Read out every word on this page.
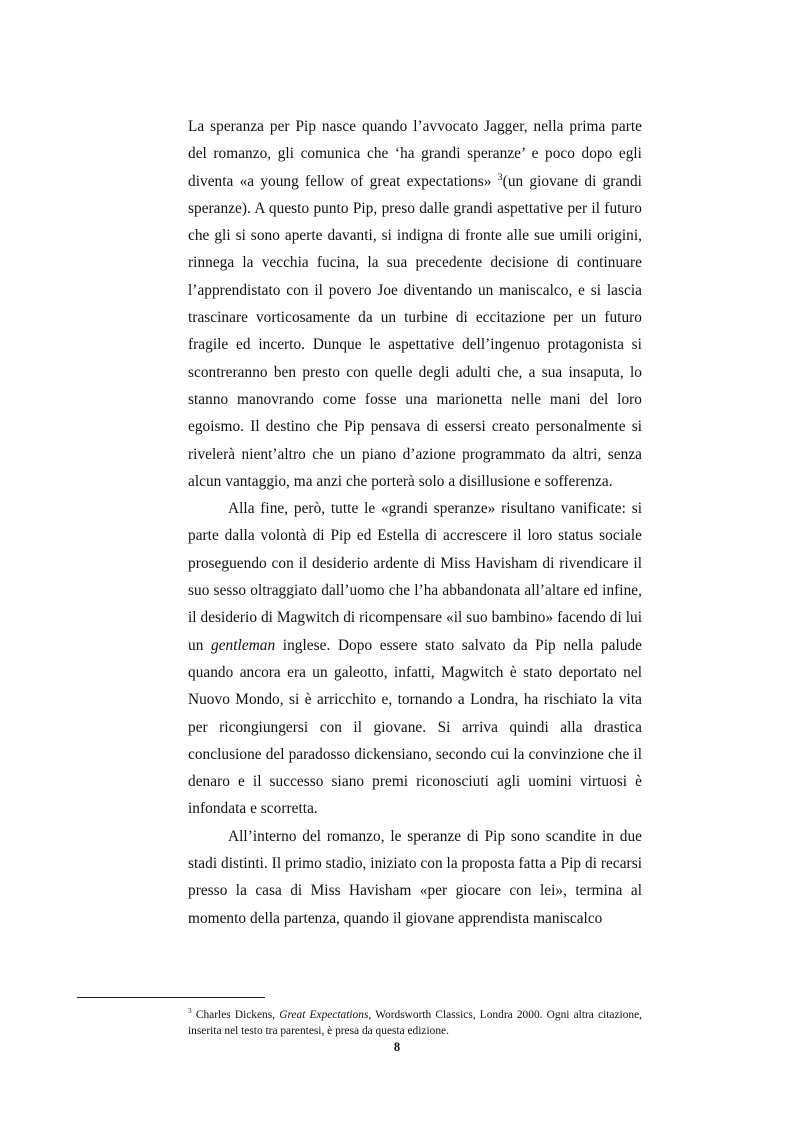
La speranza per Pip nasce quando l’avvocato Jagger, nella prima parte del romanzo, gli comunica che ‘ha grandi speranze’ e poco dopo egli diventa «a young fellow of great expectations» $^3$(un giovane di grandi speranze). A questo punto Pip, preso dalle grandi aspettative per il futuro che gli si sono aperte davanti, si indigna di fronte alle sue umili origini, rinnega la vecchia fucina, la sua precedente decisione di continuare l’apprendistato con il povero Joe diventando un maniscalco, e si lascia trascinare vorticosamente da un turbine di eccitazione per un futuro fragile ed incerto. Dunque le aspettative dell’ingenuo protagonista si scontreranno ben presto con quelle degli adulti che, a sua insaputa, lo stanno manovrando come fosse una marionetta nelle mani del loro egoismo. Il destino che Pip pensava di essersi creato personalmente si rivelerà nient’altro che un piano d’azione programmato da altri, senza alcun vantaggio, ma anzi che porterà solo a disillusione e sofferenza.

Alla fine, però, tutte le «grandi speranze» risultano vanificate: si parte dalla volontà di Pip ed Estella di accrescere il loro status sociale proseguendo con il desiderio ardente di Miss Havisham di rivendicare il suo sesso oltraggiato dall’uomo che l’ha abbandonata all’altare ed infine, il desiderio di Magwitch di ricompensare «il suo bambino» facendo di lui un gentleman inglese. Dopo essere stato salvato da Pip nella palude quando ancora era un galeotto, infatti, Magwitch è stato deportato nel Nuovo Mondo, si è arricchito e, tornando a Londra, ha rischiato la vita per ricongiungersi con il giovane. Si arriva quindi alla drastica conclusione del paradosso dickensiano, secondo cui la convinzione che il denaro e il successo siano premi riconosciuti agli uomini virtuosi è infondata e scorretta.

All’interno del romanzo, le speranze di Pip sono scandite in due stadi distinti. Il primo stadio, iniziato con la proposta fatta a Pip di recarsi presso la casa di Miss Havisham «per giocare con lei», termina al momento della partenza, quando il giovane apprendista maniscalco

$^3$ Charles Dickens, Great Expectations, Wordsworth Classics, Londra 2000. Ogni altra citazione, inserita nel testo tra parentesi, è presa da questa edizione.
8
